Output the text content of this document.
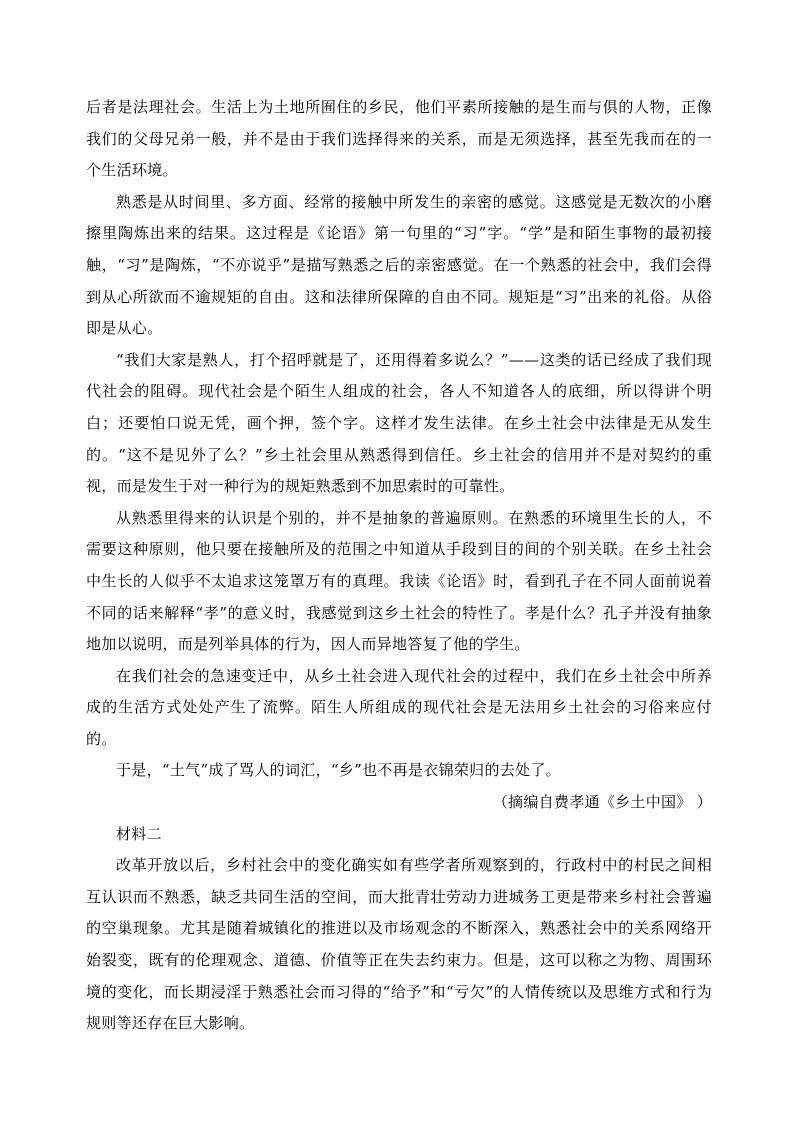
后者是法理社会。生活上为土地所囿住的乡民，他们平素所接触的是生而与俱的人物，正像我们的父母兄弟一般，并不是由于我们选择得来的关系，而是无须选择，甚至先我而在的一个生活环境。

熟悉是从时间里、多方面、经常的接触中所发生的亲密的感觉。这感觉是无数次的小磨擦里陶炼出来的结果。这过程是《论语》第一句里的“习”字。“学”是和陌生事物的最初接触，“习”是陶炼，“不亦说乎”是描写熟悉之后的亲密感觉。在一个熟悉的社会中，我们会得到从心所欲而不逾规矩的自由。这和法律所保障的自由不同。规矩是“习”出来的礼俗。从俗即是从心。

“我们大家是熟人，打个招呼就是了，还用得着多说么？”——这类的话已经成了我们现代社会的阻碍。现代社会是个陌生人组成的社会，各人不知道各人的底细，所以得讲个明白；还要怕口说无凭，画个押，签个字。这样才发生法律。在乡土社会中法律是无从发生的。“这不是见外了么？”乡土社会里从熟悉得到信任。乡土社会的信用并不是对契约的重视，而是发生于对一种行为的规矩熟悉到不加思索时的可靠性。

从熟悉里得来的认识是个别的，并不是抽象的普遍原则。在熟悉的环境里生长的人，不需要这种原则，他只要在接触所及的范围之中知道从手段到目的间的个别关联。在乡土社会中生长的人似乎不太追求这笼罩万有的真理。我读《论语》时，看到孔子在不同人面前说着不同的话来解释“孝”的意义时，我感觉到这乡土社会的特性了。孝是什么？孔子并没有抽象地加以说明，而是列举具体的行为，因人而异地答复了他的学生。

在我们社会的急速变迁中，从乡土社会进入现代社会的过程中，我们在乡土社会中所养成的生活方式处处产生了流弊。陌生人所组成的现代社会是无法用乡土社会的习俗来应付的。

于是，“土气”成了骂人的词汇，“乡”也不再是衣锦荣归的去处了。

（摘编自费孝通《乡土中国》 ）

材料二

改革开放以后，乡村社会中的变化确实如有些学者所观察到的，行政村中的村民之间相互认识而不熟悉，缺乏共同生活的空间，而大批青壮劳动力进城务工更是带来乡村社会普遍的空巢现象。尤其是随着城镇化的推进以及市场观念的不断深入，熟悉社会中的关系网络开始裂变，既有的伦理观念、道德、价值等正在失去约束力。但是，这可以称之为物、周围环境的变化，而长期浸淫于熟悉社会而习得的“给予”和“亏欠”的人情传统以及思维方式和行为规则等还存在巨大影响。
